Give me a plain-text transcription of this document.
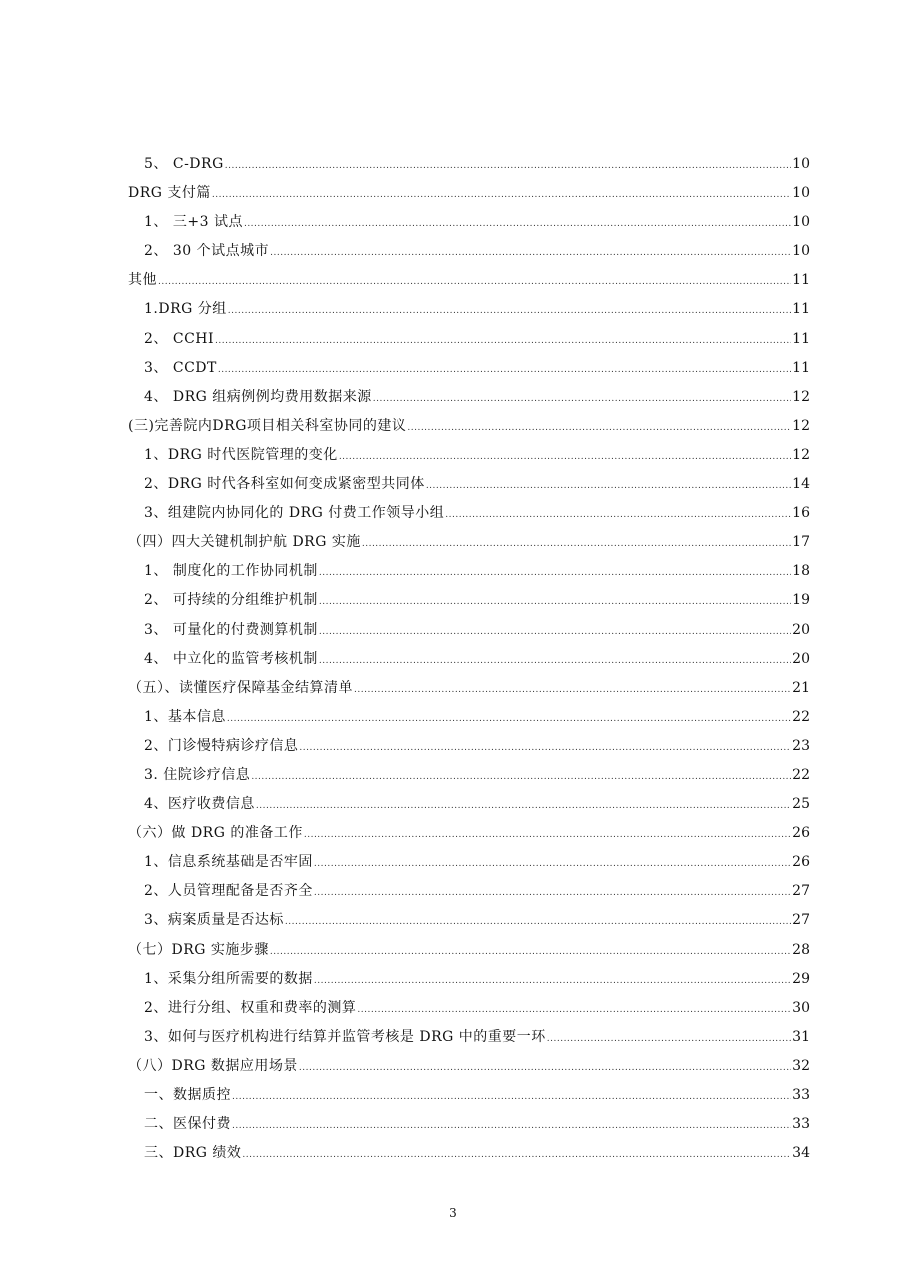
5、 C-DRG .....	10
DRG 支付篇 .....	10
1、 三+3 试点 .....	10
2、 30 个试点城市 .....	10
其他 .....	11
1.DRG 分组 .....	11
2、 CCHI .....	11
3、 CCDT .....	11
4、 DRG 组病例例均费用数据来源 .....	12
(三)完善院内DRG项目相关科室协同的建议 .....	12
1、DRG 时代医院管理的变化 .....	12
2、DRG 时代各科室如何变成紧密型共同体 .....	14
3、组建院内协同化的 DRG 付费工作领导小组 .....	16
（四）四大关键机制护航 DRG 实施 .....	17
1、 制度化的工作协同机制 .....	18
2、 可持续的分组维护机制 .....	19
3、 可量化的付费测算机制 .....	20
4、 中立化的监管考核机制 .....	20
（五）、读懂医疗保障基金结算清单 .....	21
1、基本信息 .....	22
2、门诊慢特病诊疗信息 .....	23
3. 住院诊疗信息 .....	22
4、医疗收费信息 .....	25
（六）做 DRG 的准备工作 .....	26
1、信息系统基础是否牢固 .....	26
2、人员管理配备是否齐全 .....	27
3、病案质量是否达标 .....	27
（七）DRG 实施步骤 .....	28
1、采集分组所需要的数据 .....	29
2、进行分组、权重和费率的测算 .....	30
3、如何与医疗机构进行结算并监管考核是 DRG 中的重要一环 .....	31
（八）DRG 数据应用场景 .....	32
一、数据质控 .....	33
二、医保付费 .....	33
三、DRG 绩效 .....	34
3
